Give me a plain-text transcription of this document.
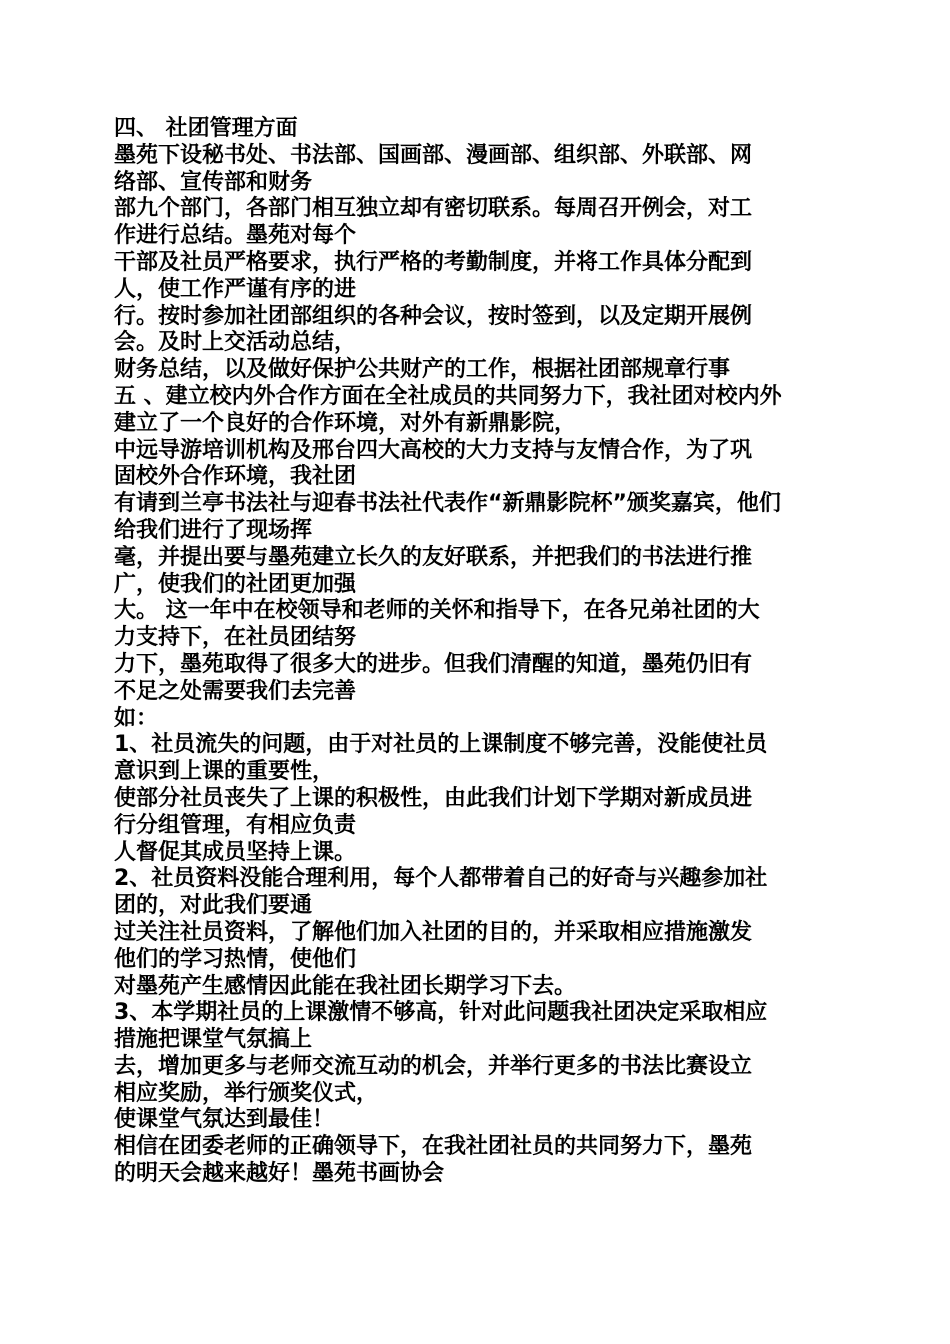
四、 社团管理方面
墨苑下设秘书处、书法部、国画部、漫画部、组织部、外联部、网
络部、宣传部和财务
部九个部门，各部门相互独立却有密切联系。每周召开例会，对工
作进行总结。墨苑对每个
干部及社员严格要求，执行严格的考勤制度，并将工作具体分配到
人，使工作严谨有序的进
行。按时参加社团部组织的各种会议，按时签到，以及定期开展例
会。及时上交活动总结，
财务总结，以及做好保护公共财产的工作，根据社团部规章行事
五 、建立校内外合作方面在全社成员的共同努力下，我社团对校内外
建立了一个良好的合作环境，对外有新鼎影院，
中远导游培训机构及邢台四大高校的大力支持与友情合作，为了巩
固校外合作环境，我社团
有请到兰亭书法社与迎春书法社代表作“新鼎影院杯”颁奖嘉宾，他们
给我们进行了现场挥
毫，并提出要与墨苑建立长久的友好联系，并把我们的书法进行推
广，使我们的社团更加强
大。 这一年中在校领导和老师的关怀和指导下，在各兄弟社团的大
力支持下，在社员团结努
力下，墨苑取得了很多大的进步。但我们清醒的知道，墨苑仍旧有
不足之处需要我们去完善
如：
1、社员流失的问题，由于对社员的上课制度不够完善，没能使社员
意识到上课的重要性，
使部分社员丧失了上课的积极性，由此我们计划下学期对新成员进
行分组管理，有相应负责
人督促其成员坚持上课。
2、社员资料没能合理利用，每个人都带着自己的好奇与兴趣参加社
团的，对此我们要通
过关注社员资料，了解他们加入社团的目的，并采取相应措施激发
他们的学习热情，使他们
对墨苑产生感情因此能在我社团长期学习下去。
3、本学期社员的上课激情不够高，针对此问题我社团决定采取相应
措施把课堂气氛搞上
去，增加更多与老师交流互动的机会，并举行更多的书法比赛设立
相应奖励，举行颁奖仪式，
使课堂气氛达到最佳！
相信在团委老师的正确领导下，在我社团社员的共同努力下，墨苑
的明天会越来越好！墨苑书画协会
